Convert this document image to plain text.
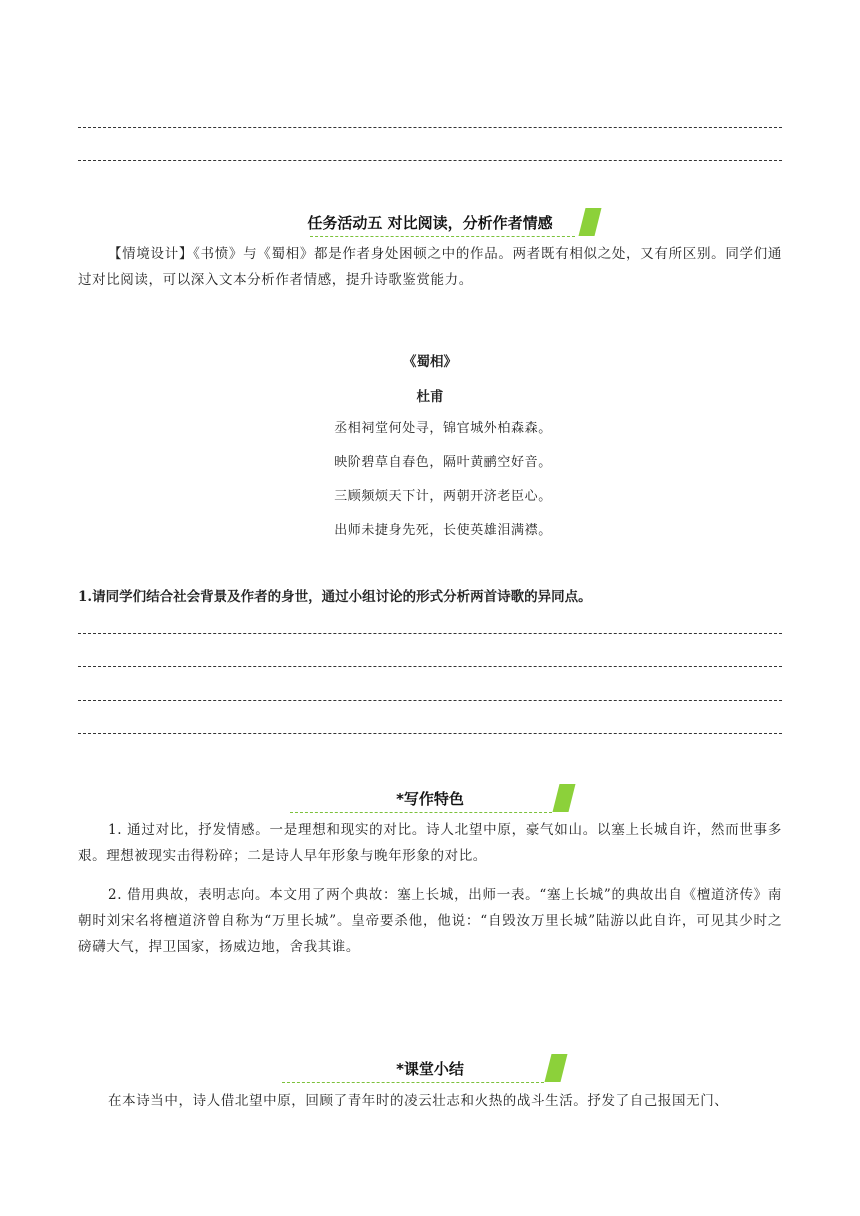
任务活动五 对比阅读，分析作者情感
【情境设计】《书愤》与《蜀相》都是作者身处困顿之中的作品。两者既有相似之处，又有所区别。同学们通过对比阅读，可以深入文本分析作者情感，提升诗歌鉴赏能力。
《蜀相》
杜甫
丞相祠堂何处寻，锦官城外柏森森。
映阶碧草自春色，隔叶黄鹂空好音。
三顾频烦天下计，两朝开济老臣心。
出师未捷身先死，长使英雄泪满襟。
1.请同学们结合社会背景及作者的身世，通过小组讨论的形式分析两首诗歌的异同点。
*写作特色
1. 通过对比，抒发情感。一是理想和现实的对比。诗人北望中原，豪气如山。以塞上长城自许，然而世事多艰。理想被现实击得粉碎；二是诗人早年形象与晚年形象的对比。
2. 借用典故，表明志向。本文用了两个典故：塞上长城，出师一表。“塞上长城”的典故出自《檀道济传》南朝时刘宋名将檀道济曾自称为“万里长城”。皇帝要杀他，他说：“自毁汝万里长城”陆游以此自许，可见其少时之磅礴大气，捍卫国家，扬威边地，舍我其谁。
*课堂小结
在本诗当中，诗人借北望中原，回顾了青年时的凌云壮志和火热的战斗生活。抒发了自己报国无门、
